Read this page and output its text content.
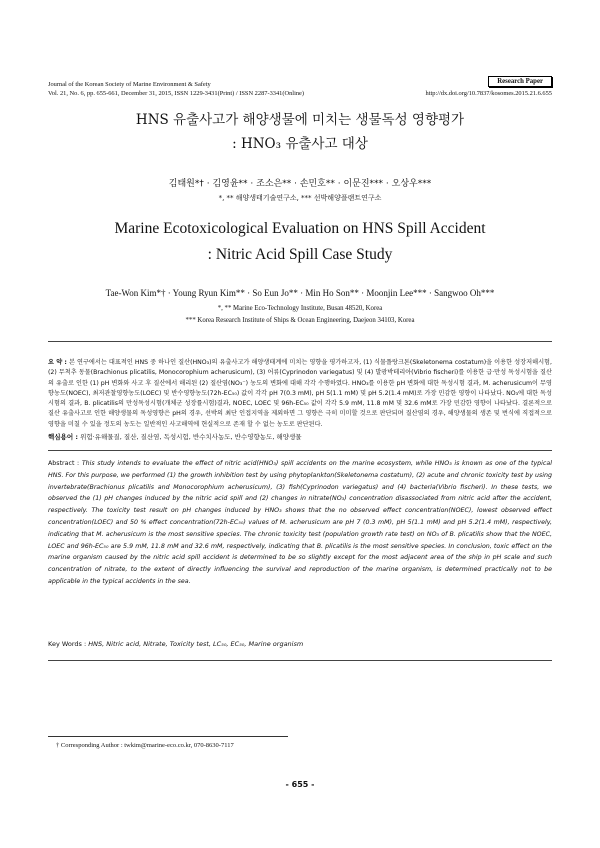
Journal of the Korean Society of Marine Environment & Safety
Vol. 21, No. 6, pp. 655-661, December 31, 2015, ISSN 1229-3431(Print) / ISSN 2287-3341(Online)
Research Paper
http://dx.doi.org/10.7837/kosomes.2015.21.6.655
HNS 유출사고가 해양생물에 미치는 생물독성 영향평가
: HNO₃ 유출사고 대상
김태원*† · 김영윤** · 조소은** · 손민호** · 이문진*** · 오상우***
*, ** 해양생태기술연구소, *** 선박해양플랜트연구소
Marine Ecotoxicological Evaluation on HNS Spill Accident
: Nitric Acid Spill Case Study
Tae-Won Kim*† · Young Ryun Kim** · So Eun Jo** · Min Ho Son** · Moonjin Lee*** · Sangwoo Oh***
*, ** Marine Eco-Technology Institute, Busan 48520, Korea
*** Korea Research Institute of Ships & Ocean Engineering, Daejeon 34103, Korea
요 약 : 본 연구에서는 대표적인 HNS 중 하나인 질산(HNO₃)의 유출사고가 해양생태계에 미치는 영향을 평가하고자, (1) 식물플랑크톤(Skeletonema costatum)을 이용한 성장저해시험, (2) 무척추 동물(Brachionus plicatilis, Monocorophium acherusicum), (3) 어류(Cyprinodon variegatus) 및 (4) 발광박테리아(Vibrio fischeri)를 이용한 급·만성 독성시험을 질산의 유출로 인한 (1) pH 변화와 사고 후 질산에서 해리된 (2) 질산염(NO₃⁻) 농도의 변화에 대해 각각 수행하였다. HNO₃를 이용한 pH 변화에 대한 독성시험 결과, M. acherusicum이 무영향농도(NOEC), 최저관찰영향농도(LOEC) 및 반수영향농도(72h-EC₅₀) 값이 각각 pH 7(0.3 mM), pH 5(1.1 mM) 및 pH 5.2(1.4 mM)로 가장 민감한 영향이 나타났다. NO₃에 대한 독성시험의 결과, B. plicatilis의 만성독성시험(개체군 성장률시험)결과, NOEC, LOEC 및 96h-EC₅₀ 값이 각각 5.9 mM, 11.8 mM 및 32.6 mM로 가장 민감한 영향이 나타났다. 결론적으로 질산 유출사고로 인한 해양생물의 독성영향은 pH의 경우, 선박의 최단 인접지역을 제외하면 그 영향은 극히 미미할 것으로 판단되며 질산염의 경우, 해양생물의 생존 및 번식에 직접적으로 영향을 미칠 수 있을 정도의 농도는 일반적인 사고해역에 현실적으로 존재 할 수 없는 농도로 판단된다.
핵심용어 : 위험·유해물질, 질산, 질산염, 독성시험, 반수치사농도, 반수영향농도, 해양생물
Abstract : This study intends to evaluate the effect of nitric acid(HNO₃) spill accidents on the marine ecosystem, while HNO₃ is known as one of the typical HNS. For this purpose, we performed (1) the growth inhibition test by using phytoplankton(Skeletonema costatum), (2) acute and chronic toxicity test by using invertebrate(Brachionus plicatilis and Monocorophium acherusicum), (3) fish(Cyprinodon variegatus) and (4) bacteria(Vibrio fischeri). In these tests, we observed the (1) pH changes induced by the nitric acid spill and (2) changes in nitrate(NO₃) concentration disassociated from nitric acid after the accident, respectively. The toxicity test result on pH changes induced by HNO₃ shows that the no observed effect concentration(NOEC), lowest observed effect concentration(LOEC) and 50 % effect concentration(72h-EC₅₀) values of M. acherusicum are pH 7 (0.3 mM), pH 5(1.1 mM) and pH 5.2(1.4 mM), respectively, indicating that M. acherusicum is the most sensitive species. The chronic toxicity test (population growth rate test) on NO₃ of B. plicatilis show that the NOEC, LOEC and 96h-EC₅₀ are 5.9 mM, 11.8 mM and 32.6 mM, respectively, indicating that B. plicatilis is the most sensitive species. In conclusion, toxic effect on the marine organism caused by the nitric acid spill accident is determined to be so slightly except for the most adjacent area of the ship in pH scale and such concentration of nitrate, to the extent of directly influencing the survival and reproduction of the marine organism, is determined practically not to be applicable in the typical accidents in the sea.
Key Words : HNS, Nitric acid, Nitrate, Toxicity test, LC₅₀, EC₅₀, Marine organism
† Corresponding Author : twkim@marine-eco.co.kr, 070-8630-7117
- 655 -
